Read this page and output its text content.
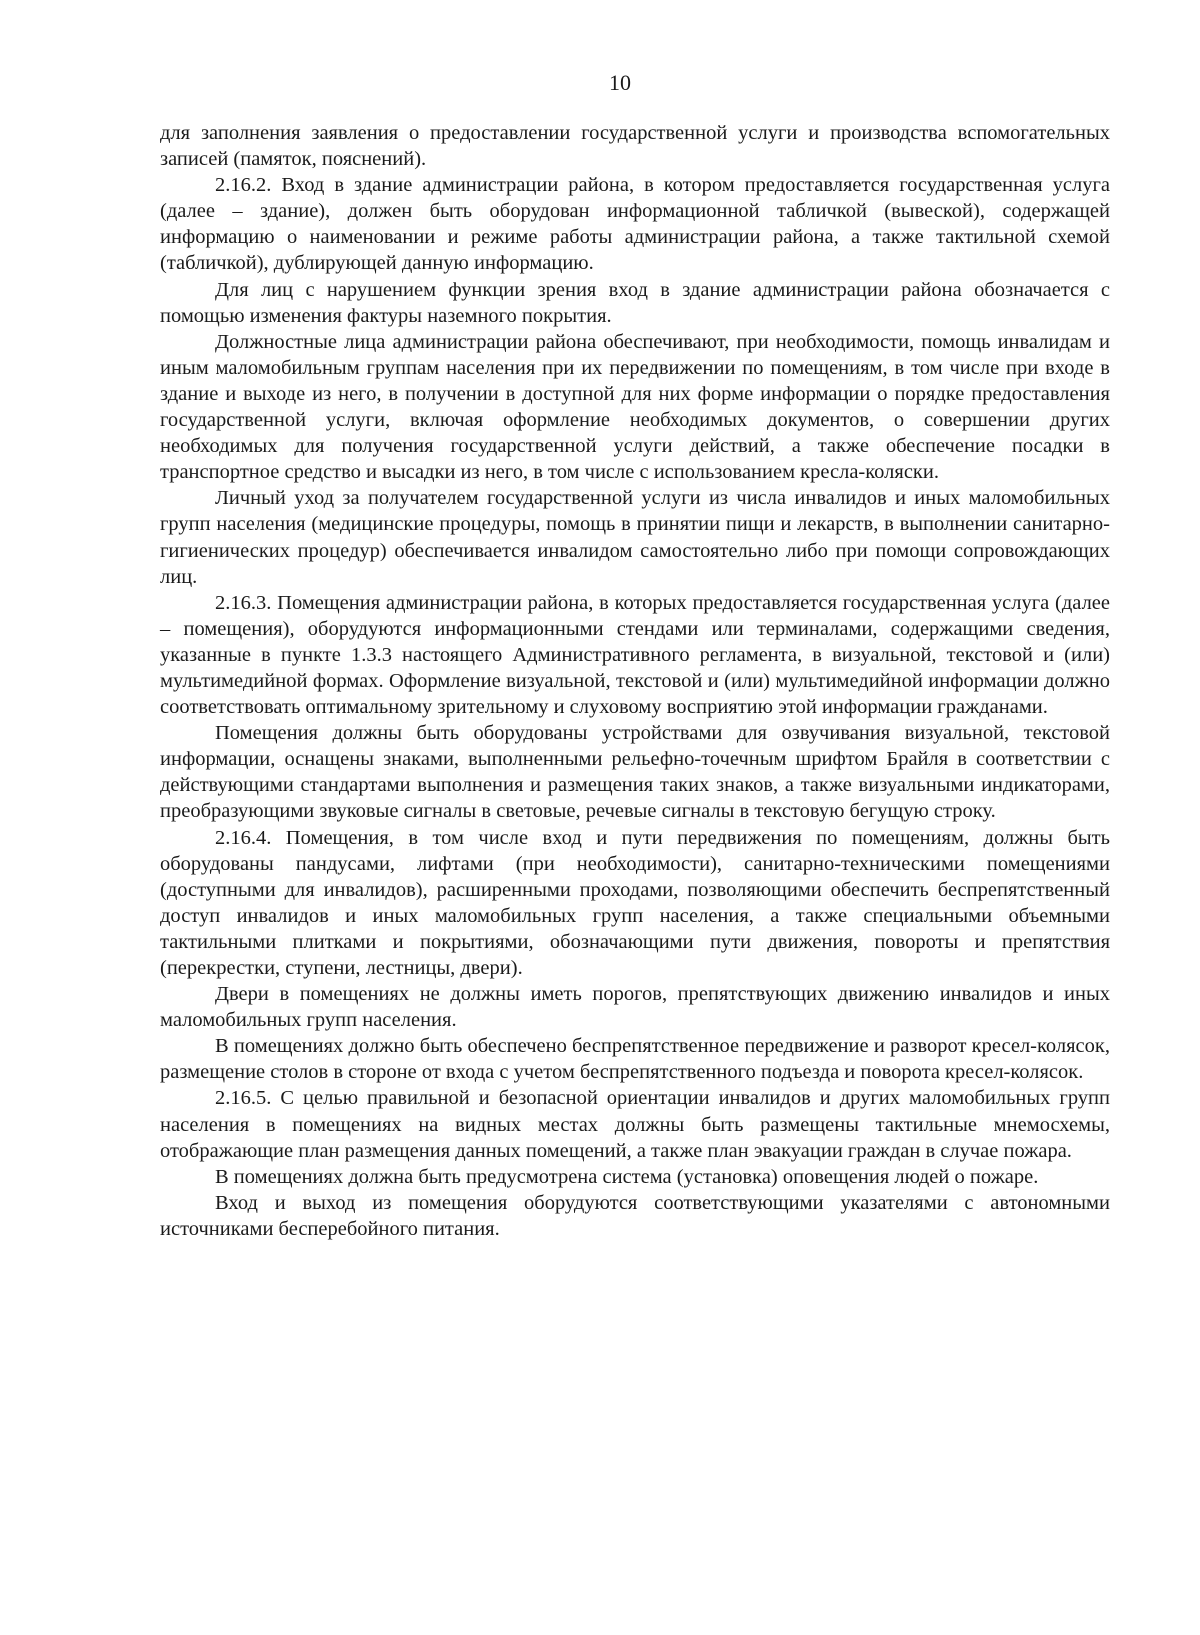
10

для заполнения заявления о предоставлении государственной услуги и производства вспомогательных записей (памяток, пояснений).

2.16.2. Вход в здание администрации района, в котором предоставляется государственная услуга (далее – здание), должен быть оборудован информационной табличкой (вывеской), содержащей информацию о наименовании и режиме работы администрации района, а также тактильной схемой (табличкой), дублирующей данную информацию.

Для лиц с нарушением функции зрения вход в здание администрации района обозначается с помощью изменения фактуры наземного покрытия.

Должностные лица администрации района обеспечивают, при необходимости, помощь инвалидам и иным маломобильным группам населения при их передвижении по помещениям, в том числе при входе в здание и выходе из него, в получении в доступной для них форме информации о порядке предоставления государственной услуги, включая оформление необходимых документов, о совершении других необходимых для получения государственной услуги действий, а также обеспечение посадки в транспортное средство и высадки из него, в том числе с использованием кресла-коляски.

Личный уход за получателем государственной услуги из числа инвалидов и иных маломобильных групп населения (медицинские процедуры, помощь в принятии пищи и лекарств, в выполнении санитарно-гигиенических процедур) обеспечивается инвалидом самостоятельно либо при помощи сопровождающих лиц.

2.16.3. Помещения администрации района, в которых предоставляется государственная услуга (далее – помещения), оборудуются информационными стендами или терминалами, содержащими сведения, указанные в пункте 1.3.3 настоящего Административного регламента, в визуальной, текстовой и (или) мультимедийной формах. Оформление визуальной, текстовой и (или) мультимедийной информации должно соответствовать оптимальному зрительному и слуховому восприятию этой информации гражданами.

Помещения должны быть оборудованы устройствами для озвучивания визуальной, текстовой информации, оснащены знаками, выполненными рельефно-точечным шрифтом Брайля в соответствии с действующими стандартами выполнения и размещения таких знаков, а также визуальными индикаторами, преобразующими звуковые сигналы в световые, речевые сигналы в текстовую бегущую строку.

2.16.4. Помещения, в том числе вход и пути передвижения по помещениям, должны быть оборудованы пандусами, лифтами (при необходимости), санитарно-техническими помещениями (доступными для инвалидов), расширенными проходами, позволяющими обеспечить беспрепятственный доступ инвалидов и иных маломобильных групп населения, а также специальными объемными тактильными плитками и покрытиями, обозначающими пути движения, повороты и препятствия (перекрестки, ступени, лестницы, двери).

Двери в помещениях не должны иметь порогов, препятствующих движению инвалидов и иных маломобильных групп населения.

В помещениях должно быть обеспечено беспрепятственное передвижение и разворот кресел-колясок, размещение столов в стороне от входа с учетом беспрепятственного подъезда и поворота кресел-колясок.

2.16.5. С целью правильной и безопасной ориентации инвалидов и других маломобильных групп населения в помещениях на видных местах должны быть размещены тактильные мнемосхемы, отображающие план размещения данных помещений, а также план эвакуации граждан в случае пожара.

В помещениях должна быть предусмотрена система (установка) оповещения людей о пожаре.

Вход и выход из помещения оборудуются соответствующими указателями с автономными источниками бесперебойного питания.
